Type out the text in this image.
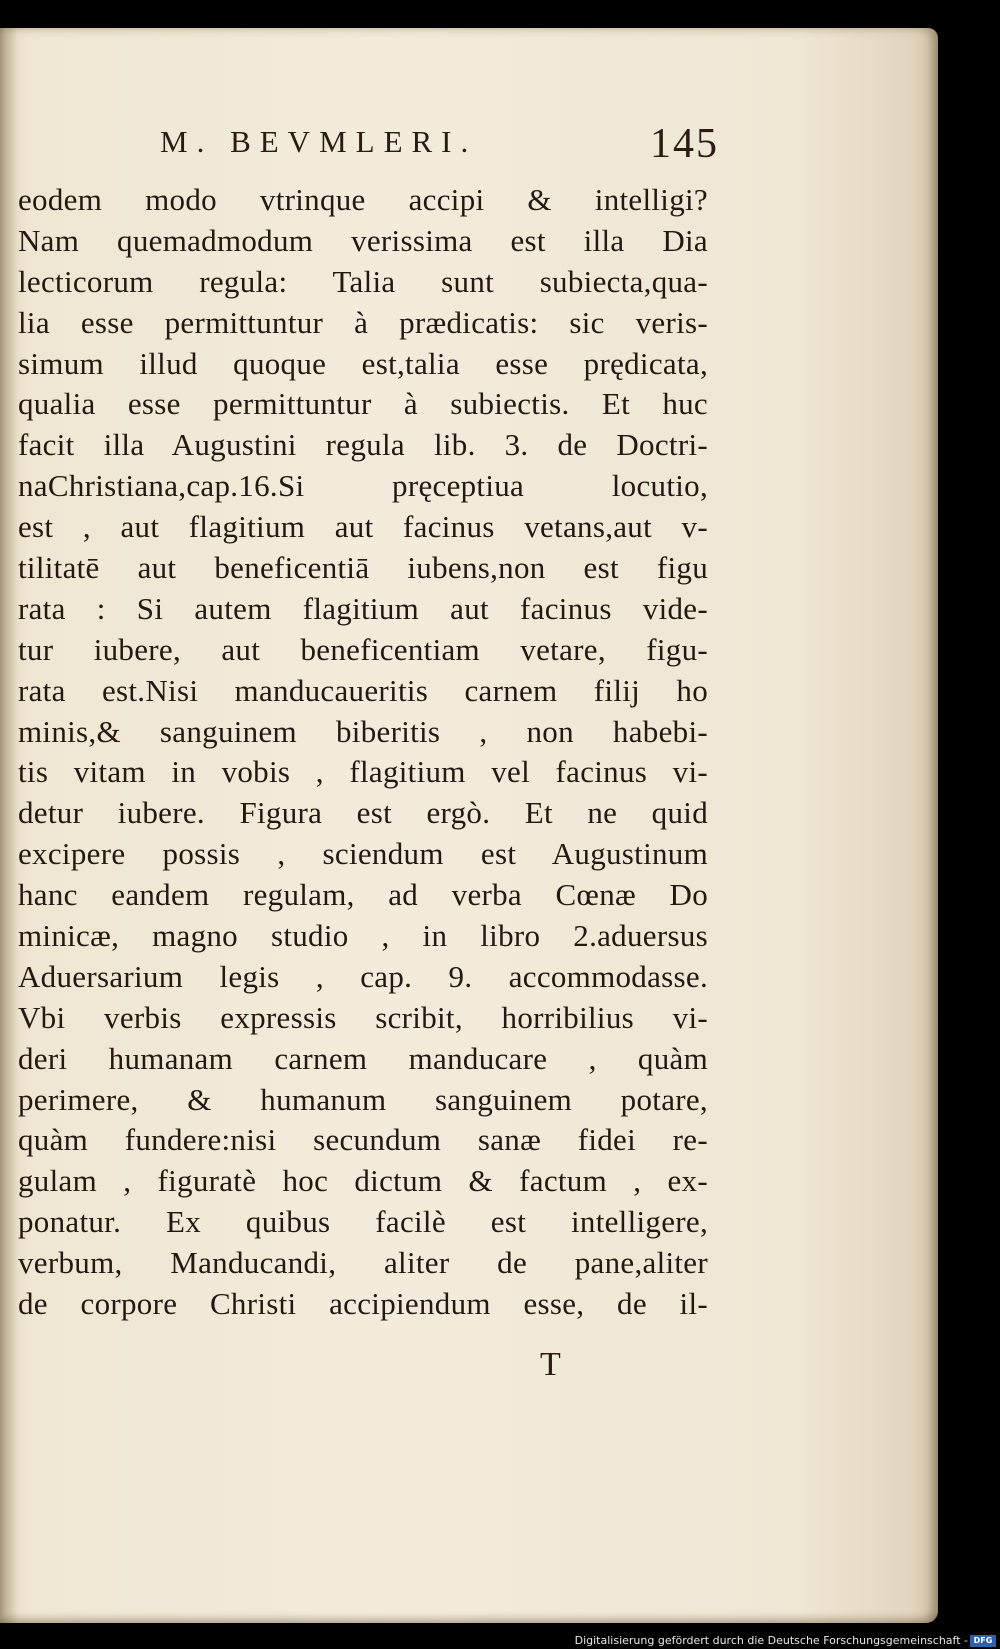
M. BEVMLERI.	145
eodem modo vtrinque accipi & intelligi?
Nam quemadmodum verissima est illa Dia
lecticorum regula: Talia sunt subiecta,qua-
lia esse permittuntur à prædicatis: sic veris-
simum illud quoque est,talia esse prędicata,
qualia esse permittuntur à subiectis. Et huc
facit illa Augustini regula lib. 3. de Doctri-
naChristiana,cap.16.Si pręceptiua locutio,
est , aut flagitium aut facinus vetans,aut v-
tilitatē aut beneficentiā iubens,non est figu
rata : Si autem flagitium aut facinus vide-
tur iubere, aut beneficentiam vetare, figu-
rata est.Nisi manducaueritis carnem filij ho
minis,& sanguinem biberitis , non habebi-
tis vitam in vobis , flagitium vel facinus vi-
detur iubere. Figura est ergò. Et ne quid
excipere possis , sciendum est Augustinum
hanc eandem regulam, ad verba Cœnæ Do
minicæ, magno studio , in libro 2.aduersus
Aduersarium legis , cap. 9. accommodasse.
Vbi verbis expressis scribit, horribilius vi-
deri humanam carnem manducare , quàm
perimere, & humanum sanguinem potare,
quàm fundere:nisi secundum sanæ fidei re-
gulam , figuratè hoc dictum & factum , ex-
ponatur. Ex quibus facilè est intelligere,
verbum, Manducandi, aliter de pane,aliter
de corpore Christi accipiendum esse, de il-
T
Digitalisierung gefördert durch die Deutsche Forschungsgemeinschaft - DFG
